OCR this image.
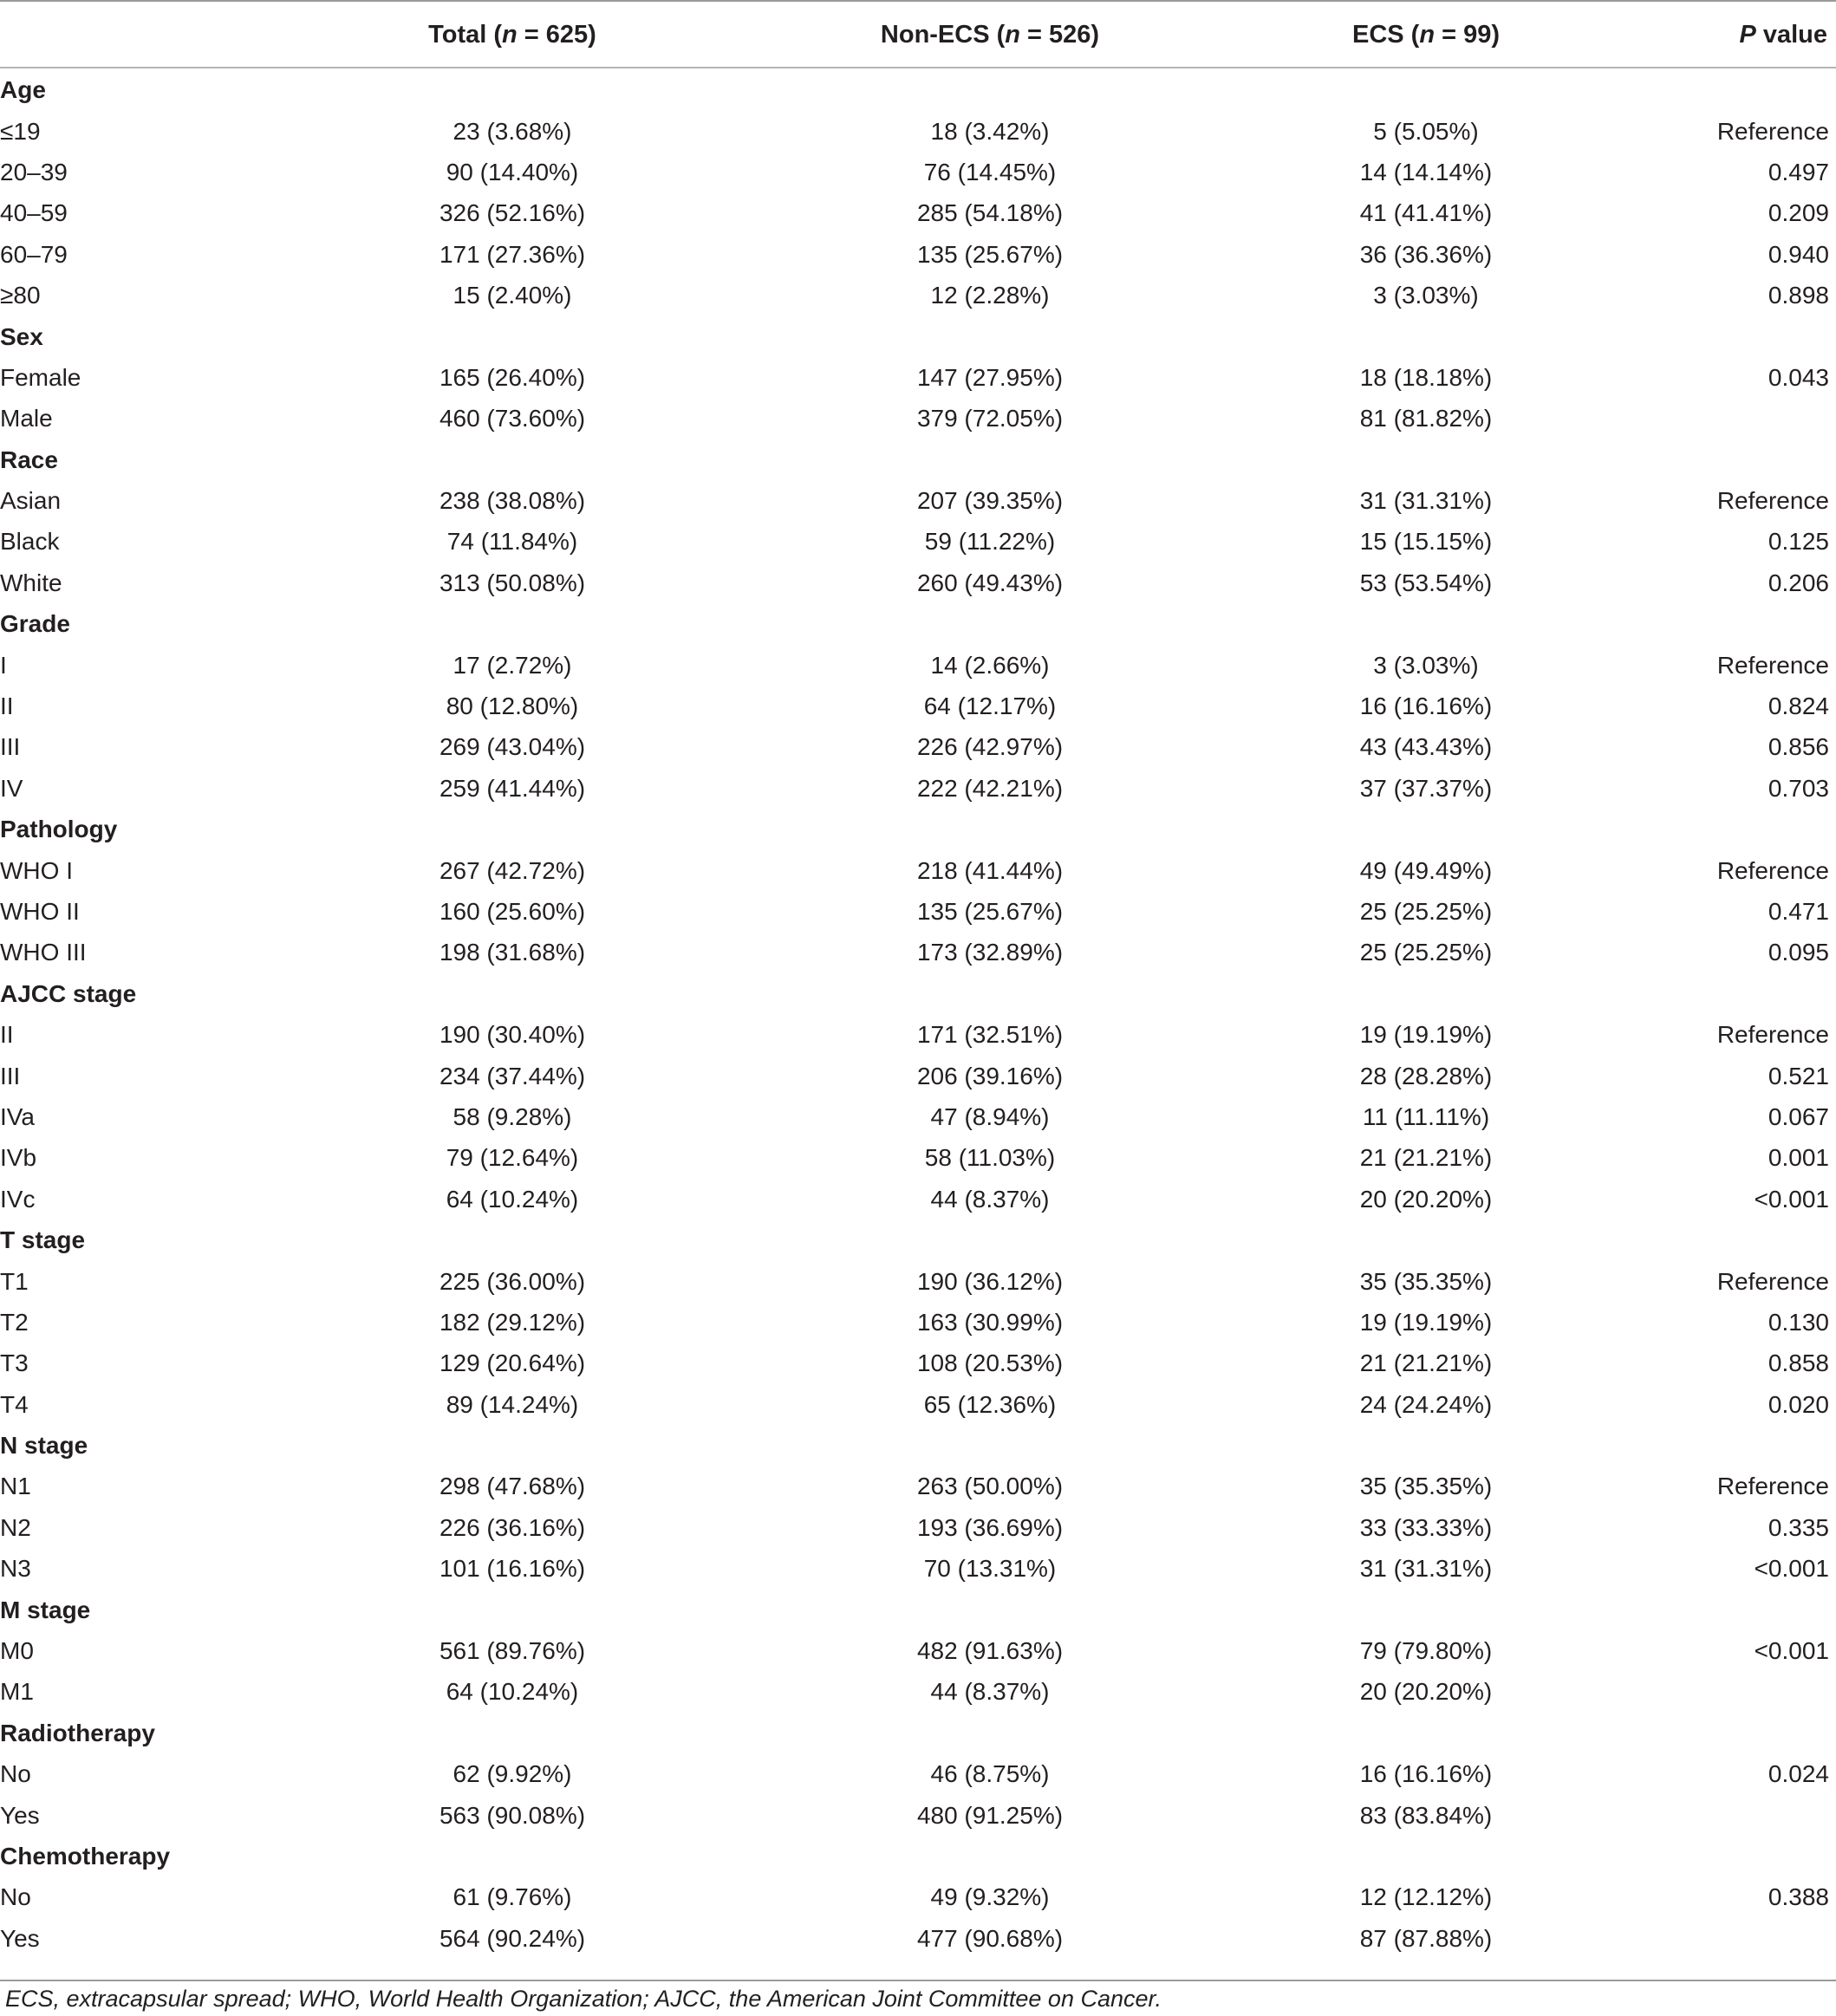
	Total (n = 625)	Non-ECS (n = 526)	ECS (n = 99)	P value
Age				
≤19	23 (3.68%)	18 (3.42%)	5 (5.05%)	Reference
20–39	90 (14.40%)	76 (14.45%)	14 (14.14%)	0.497
40–59	326 (52.16%)	285 (54.18%)	41 (41.41%)	0.209
60–79	171 (27.36%)	135 (25.67%)	36 (36.36%)	0.940
≥80	15 (2.40%)	12 (2.28%)	3 (3.03%)	0.898
Sex				
Female	165 (26.40%)	147 (27.95%)	18 (18.18%)	0.043
Male	460 (73.60%)	379 (72.05%)	81 (81.82%)	
Race				
Asian	238 (38.08%)	207 (39.35%)	31 (31.31%)	Reference
Black	74 (11.84%)	59 (11.22%)	15 (15.15%)	0.125
White	313 (50.08%)	260 (49.43%)	53 (53.54%)	0.206
Grade				
I	17 (2.72%)	14 (2.66%)	3 (3.03%)	Reference
II	80 (12.80%)	64 (12.17%)	16 (16.16%)	0.824
III	269 (43.04%)	226 (42.97%)	43 (43.43%)	0.856
IV	259 (41.44%)	222 (42.21%)	37 (37.37%)	0.703
Pathology				
WHO I	267 (42.72%)	218 (41.44%)	49 (49.49%)	Reference
WHO II	160 (25.60%)	135 (25.67%)	25 (25.25%)	0.471
WHO III	198 (31.68%)	173 (32.89%)	25 (25.25%)	0.095
AJCC stage				
II	190 (30.40%)	171 (32.51%)	19 (19.19%)	Reference
III	234 (37.44%)	206 (39.16%)	28 (28.28%)	0.521
IVa	58 (9.28%)	47 (8.94%)	11 (11.11%)	0.067
IVb	79 (12.64%)	58 (11.03%)	21 (21.21%)	0.001
IVc	64 (10.24%)	44 (8.37%)	20 (20.20%)	<0.001
T stage				
T1	225 (36.00%)	190 (36.12%)	35 (35.35%)	Reference
T2	182 (29.12%)	163 (30.99%)	19 (19.19%)	0.130
T3	129 (20.64%)	108 (20.53%)	21 (21.21%)	0.858
T4	89 (14.24%)	65 (12.36%)	24 (24.24%)	0.020
N stage				
N1	298 (47.68%)	263 (50.00%)	35 (35.35%)	Reference
N2	226 (36.16%)	193 (36.69%)	33 (33.33%)	0.335
N3	101 (16.16%)	70 (13.31%)	31 (31.31%)	<0.001
M stage				
M0	561 (89.76%)	482 (91.63%)	79 (79.80%)	<0.001
M1	64 (10.24%)	44 (8.37%)	20 (20.20%)	
Radiotherapy				
No	62 (9.92%)	46 (8.75%)	16 (16.16%)	0.024
Yes	563 (90.08%)	480 (91.25%)	83 (83.84%)	
Chemotherapy				
No	61 (9.76%)	49 (9.32%)	12 (12.12%)	0.388
Yes	564 (90.24%)	477 (90.68%)	87 (87.88%)	
ECS, extracapsular spread; WHO, World Health Organization; AJCC, the American Joint Committee on Cancer.
